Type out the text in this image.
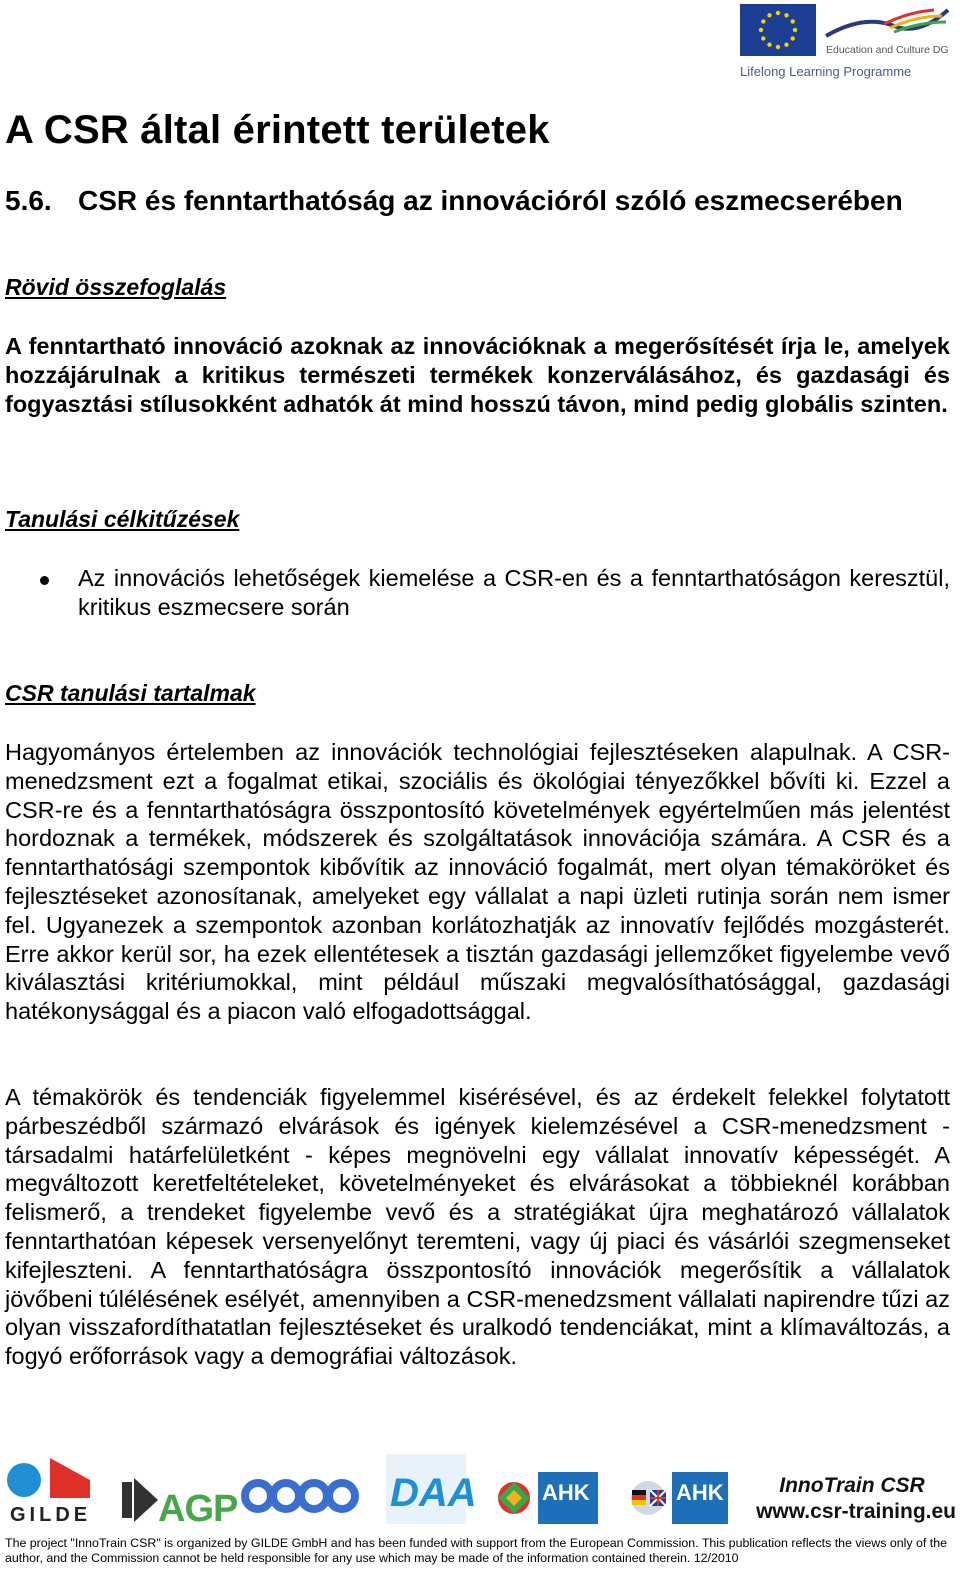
Education and Culture DG
Lifelong Learning Programme
A CSR által érintett területek
5.6. CSR és fenntarthatóság az innovációról szóló eszmecserében
Rövid összefoglalás

A fenntartható innováció azoknak az innovációknak a megerősítését írja le, amelyek hozzájárulnak a kritikus természeti termékek konzerválásához, és gazdasági és fogyasztási stílusokként adhatók át mind hosszú távon, mind pedig globális szinten.

Tanulási célkitűzések

Az innovációs lehetőségek kiemelése a CSR-en és a fenntarthatóságon keresztül, kritikus eszmecsere során

CSR tanulási tartalmak

Hagyományos értelemben az innovációk technológiai fejlesztéseken alapulnak. A CSR-menedzsment ezt a fogalmat etikai, szociális és ökológiai tényezőkkel bővíti ki. Ezzel a CSR-re és a fenntarthatóságra összpontosító követelmények egyértelműen más jelentést hordoznak a termékek, módszerek és szolgáltatások innovációja számára. A CSR és a fenntarthatósági szempontok kibővítik az innováció fogalmát, mert olyan témaköröket és fejlesztéseket azonosítanak, amelyeket egy vállalat a napi üzleti rutinja során nem ismer fel. Ugyanezek a szempontok azonban korlátozhatják az innovatív fejlődés mozgásterét. Erre akkor kerül sor, ha ezek ellentétesek a tisztán gazdasági jellemzőket figyelembe vevő kiválasztási kritériumokkal, mint például műszaki megvalósíthatósággal, gazdasági hatékonysággal és a piacon való elfogadottsággal.

A témakörök és tendenciák figyelemmel kisérésével, és az érdekelt felekkel folytatott párbeszédből származó elvárások és igények kielemzésével a CSR-menedzsment - társadalmi határfelületként - képes megnövelni egy vállalat innovatív képességét. A megváltozott keretfeltételeket, követelményeket és elvárásokat a többieknél korábban felismerő, a trendeket figyelembe vevő és a stratégiákat újra meghatározó vállalatok fenntarthatóan képesek versenyelőnyt teremteni, vagy új piaci és vásárlói szegmenseket kifejleszteni. A fenntarthatóságra összpontosító innovációk megerősítik a vállalatok jövőbeni túlélésének esélyét, amennyiben a CSR-menedzsment vállalati napirendre tűzi az olyan visszafordíthatatlan fejlesztéseket és uralkodó tendenciákat, mint a klímaváltozás, a fogyó erőforrások vagy a demográfiai változások.

GILDE AGP	DAA	AHK	AHK	InnoTrain CSR
www.csr-training.eu

The project "InnoTrain CSR" is organized by GILDE GmbH and has been funded with support from the European Commission. This publication reflects the views only of the author, and the Commission cannot be held responsible for any use which may be made of the information contained therein. 12/2010
